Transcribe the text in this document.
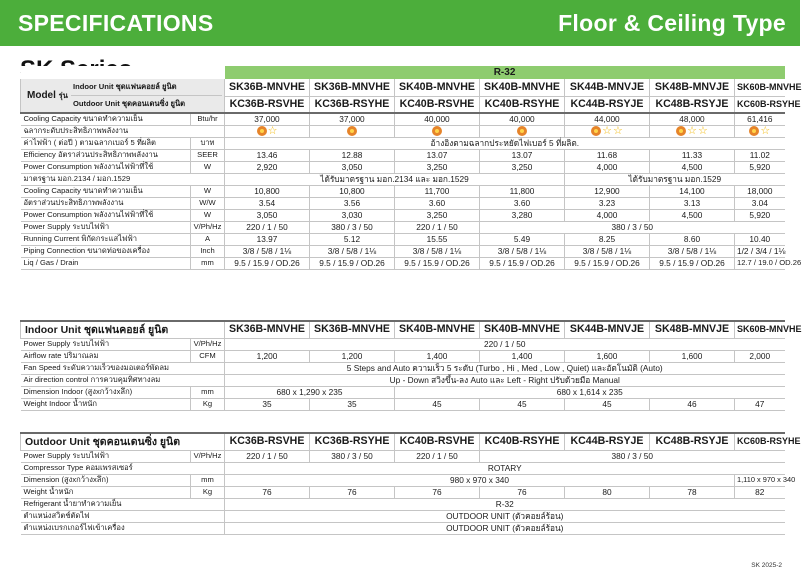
SPECIFICATIONS	Floor & Ceiling Type
	R-32

Model รุ่น	Indoor Unit ชุดแฟนคอยล์ ยูนิต
Outdoor Unit ชุดคอนเดนซิ่ง ยูนิต
	SK36B-MNVHE	SK36B-MNVHE	SK40B-MNVHE	SK40B-MNVHE	SK44B-MNVJE	SK48B-MNVJE	SK60B-MNVHE
KC36B-RSVHE	KC36B-RSYHE	KC40B-RSVHE	KC40B-RSYHE	KC44B-RSYJE	KC48B-RSYJE	KC60B-RSYHE
Cooling Capacity ขนาดทำความเย็น	Btu/hr	37,000	37,000	40,000	40,000	44,000	48,000	61,416
ฉลากระดับประสิทธิภาพพลังงาน	☆				☆ ☆	☆ ☆	☆

ค่าไฟฟ้า ( ต่อปี ) ตามฉลากเบอร์ 5 ที่ผลิต	บาท	อ้างอิงตามฉลากประหยัดไฟเบอร์ 5 ที่ผลิต.
Efficiency อัตราส่วนประสิทธิภาพพลังงาน	SEER	13.46	12.88	13.07	13.07	11.68	11.33	11.02
Power Consumption พลังงานไฟฟ้าที่ใช้	W	2,920	3,050	3,250	3,250	4,000	4,500	5,920
มาตรฐาน มอก.2134 / มอก.1529	ได้รับมาตรฐาน มอก.2134 และ มอก.1529	ได้รับมาตรฐาน มอก.1529
Cooling Capacity ขนาดทำความเย็น	W	10,800	10,800	11,700	11,800	12,900	14,100	18,000
อัตราส่วนประสิทธิภาพพลังงาน	W/W	3.54	3.56	3.60	3.60	3.23	3.13	3.04
Power Consumption พลังงานไฟฟ้าที่ใช้	W	3,050	3,030	3,250	3,280	4,000	4,500	5,920
Power Supply ระบบไฟฟ้า	V/Ph/Hz	220 / 1 / 50	380 / 3 / 50	220 / 1 / 50	380 / 3 / 50
Running Current พิกัดกระแสไฟฟ้า	A	13.97	5.12	15.55	5.49	8.25	8.60	10.40
Piping Connection ขนาดท่อของเครื่อง	Inch	3/8 / 5/8 / 1⅛	3/8 / 5/8 / 1⅛	3/8 / 5/8 / 1⅛	3/8 / 5/8 / 1⅛	3/8 / 5/8 / 1⅛	3/8 / 5/8 / 1⅛	1/2 / 3/4 / 1⅛
Liq / Gas / Drain	mm	9.5 / 15.9 / OD.26	9.5 / 15.9 / OD.26	9.5 / 15.9 / OD.26	9.5 / 15.9 / OD.26	9.5 / 15.9 / OD.26	9.5 / 15.9 / OD.26	12.7 / 19.0 / OD.26
Indoor Unit ชุดแฟนคอยล์ ยูนิต		SK36B-MNVHE	SK36B-MNVHE	SK40B-MNVHE	SK40B-MNVHE	SK44B-MNVJE	SK48B-MNVJE	SK60B-MNVHE
Power Supply ระบบไฟฟ้า	V/Ph/Hz	220 / 1 / 50						
Airflow rate ปริมาณลม	CFM	1,200	1,200	1,400	1,400	1,600	1,600	2,000
Fan Speed ระดับความเร็วของมอเตอร์พัดลม		5 Steps and Auto ความเร็ว 5 ระดับ (Turbo , Hi , Med , Low , Quiet) และอัตโนมัติ (Auto)						
Air direction control การควบคุมทิศทางลม		Up - Down สวิงขึ้น-ลง Auto และ Left - Right ปรับด้วยมือ Manual						
Dimension Indoor (สูงxกว้างxลึก)	mm	680 x 1,290 x 235		680 x 1,614 x 235				
Weight Indoor น้ำหนัก	Kg	35	35	45	45	45	46	47
Outdoor Unit ชุดคอนเดนซิ่ง ยูนิต		KC36B-RSVHE	KC36B-RSYHE	KC40B-RSVHE	KC40B-RSYHE	KC44B-RSYJE	KC48B-RSYJE	KC60B-RSYHE
Power Supply ระบบไฟฟ้า	V/Ph/Hz	220 / 1 / 50	380 / 3 / 50	220 / 1 / 50	380 / 3 / 50			
Compressor Type คอมเพรสเซอร์		ROTARY						
Dimension (สูงxกว้างxลึก)	mm	980 x 970 x 340						1,110 x 970 x 340
Weight น้ำหนัก	Kg	76	76	76	76	80	78	82
Refrigerant น้ำยาทำความเย็น		R-32						
ตำแหน่งสวิตช์ตัดไฟ		OUTDOOR UNIT (ตัวคอยล์ร้อน)						
ตำแหน่งเบรกเกอร์ไฟเข้าเครื่อง		OUTDOOR UNIT (ตัวคอยล์ร้อน)						
SK 2025-2
